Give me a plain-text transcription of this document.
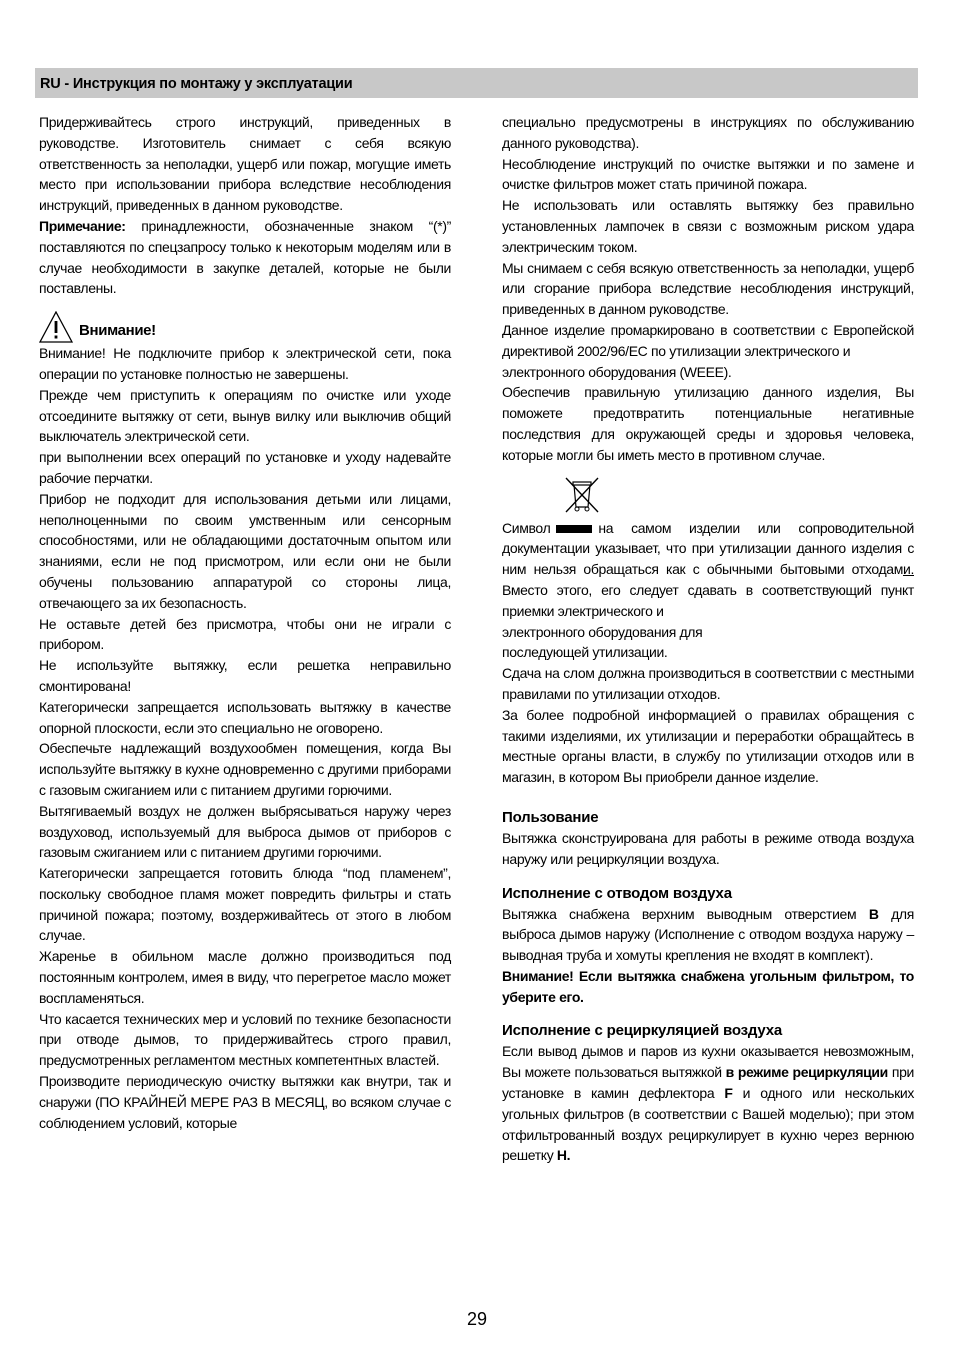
RU - Инструкция по монтажу у эксплуатации

Придерживайтесь строго инструкций, приведенных в руководстве. Изготовитель снимает с себя всякую ответственность за неполадки, ущерб или пожар, могущие иметь место при использовании прибора вследствие несоблюдения инструкций, приведенных в данном руководстве.

Примечание: принадлежности, обозначенные знаком “(*)” поставляются по спецзапросу только к некоторым моделям или в случае необходимости в закупке деталей, которые не были поставлены.

Внимание!

Внимание! Не подключите прибор к электрической сети, пока операции по установке полностью не завершены.

Прежде чем приступить к операциям по очистке или уходе отсоедините вытяжку от сети, вынув вилку или выключив общий выключатель электрической сети.

при выполнении всех операций по установке и уходу надевайте рабочие перчатки.

Прибор не подходит для использования детьми или лицами, неполноценными по своим умственным или сенсорным способностями, или не обладающими достаточным опытом или знаниями, если не под присмотром, или если они не были обучены пользованию аппаратурой со стороны лица, отвечающего за их безопасность.

Не оставьте детей без присмотра, чтобы они не играли с прибором.

Не используйте вытяжку, если решетка неправильно смонтирована!

Категорически запрещается использовать вытяжку в качестве опорной плоскости, если это специально не оговорено.

Обеспечьте надлежащий воздухообмен помещения, когда Вы используйте вытяжку в кухне одновременно с другими приборами с газовым сжиганием или с питанием другими горючими.

Вытягиваемый воздух не должен выбрясываться наружу через воздуховод, используемый для выброса дымов от приборов с газовым сжиганием или с питанием другими горючими.

Категорически запрещается готовить блюда “под пламенем”, поскольку свободное пламя может повредить фильтры и стать причиной пожара; поэтому, воздерживайтесь от этого в любом случае.

Жаренье в обильном масле должно производиться под постоянным контролем, имея в виду, что перегретое масло может воспламеняться.

Что касается технических мер и условий по технике безопасности при отводе дымов, то придерживайтесь строго правил, предусмотренных регламентом местных компетентных властей.

Производите периодическую очистку вытяжки как внутри, так и снаружи (ПО КРАЙНЕЙ МЕРЕ РАЗ В МЕСЯЦ, во всяком случае с соблюдением условий, которые

специально предусмотрены в инструкциях по обслуживанию данного руководства).

Несоблюдение инструкций по очистке вытяжки и по замене и очистке фильтров может стать причиной пожара.

Не использовать или оставлять вытяжку без правильно установленных лампочек в связи с возможным риском удара электрическим током.

Мы снимаем с себя всякую ответственность за неполадки, ущерб или сгорание прибора вследствие несоблюдения инструкций, приведенных в данном руководстве.

Данное изделие промаркировано в соответствии с Европейской директивой 2002/96/EC по утилизации электрического и

электронного оборудования (WEEE).

Обеспечив правильную утилизацию данного изделия, Вы поможете предотвратить потенциальные негативные последствия для окружающей среды и здоровья человека, которые могли бы иметь место в противном случае.

Символ	на самом изделии или сопроводительной документации указывает, что при утилизации данного изделия с ним нельзя обращаться как с обычными бытовыми отходами. Вместо этого, его следует сдавать в соответствующий пункт приемки электрического и

электронного оборудования для

последующей утилизации.

Сдача на слом должна производиться в соответствии с местными правилами по утилизации отходов.

За более подробной информацией о правилах обращения с такими изделиями, их утилизации и переработки обращайтесь в местные органы власти, в службу по утилизации отходов или в магазин, в котором Вы приобрели данное изделие.

Пользование

Вытяжка сконструирована для работы в режиме отвода воздуха наружу или рециркуляции воздуха.

Исполнение с отводом воздуха

Вытяжка снабжена верхним выводным отверстием B для выброса дымов наружу (Исполнение с отводом воздуха наружу – выводная труба и хомуты крепления не входят в комплект).

Внимание! Если вытяжка снабжена угольным фильтром, то уберите его.

Исполнение с рециркуляцией воздуха

Если вывод дымов и паров из кухни оказывается невозможным, Вы можете пользоваться вытяжкой в режиме рециркуляции при установке в камин дефлектора F и одного или нескольких угольных фильтров (в соответствии с Вашей моделью); при этом отфильтрованный воздух рециркулирует в кухню через вернюю решетку H.

29
